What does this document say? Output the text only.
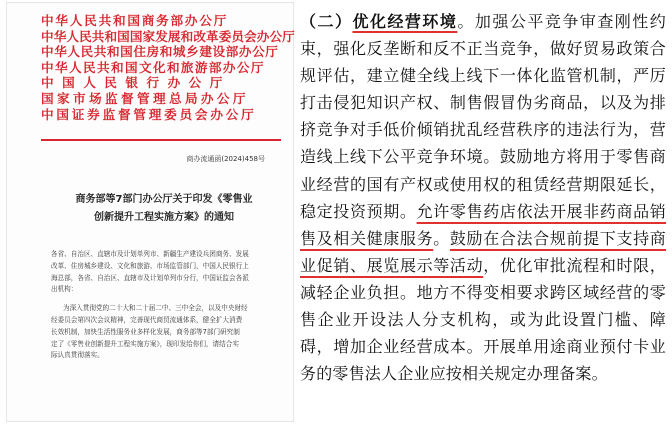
中华人民共和国商务部办公厅
中华人民共和国国家发展和改革委员会办公厅
中华人民共和国住房和城乡建设部办公厅
中华人民共和国文化和旅游部办公厅
中国人民银行办公厅
国家市场监督管理总局办公厅
中国证券监督管理委员会办公厅
商办流通函(2024)458号
商务部等7部门办公厅关于印发《零售业
创新提升工程实施方案》的通知

各省、自治区、直辖市及计划单列市、新疆生产建设兵团商务、发展

改革、住房城乡建设、文化和旅游、市场监管部门，中国人民银行上

海总部，各省、自治区、直辖市及计划单列市分行，中国证监会各派

出机构：

为深入贯彻党的二十大和二十届二中、三中全会，以及中央财经

经委员会第四次会议精神，完善现代商贸流通体系，健全扩大消费

长效机制，加快生活性服务业多样化发展，商务部等7部门研究制

定了《零售业创新提升工程实施方案》，现印发给你们，请结合实

际认真贯彻落实。

（二）优化经营环境。加强公平竞争审查刚性约束，强化反垄断和反不正当竞争，做好贸易政策合规评估，建立健全线上线下一体化监管机制，严厉打击侵犯知识产权、制售假冒伪劣商品，以及为排挤竞争对手低价倾销扰乱经营秩序的违法行为，营造线上线下公平竞争环境。鼓励地方将用于零售商业经营的国有产权或使用权的租赁经营期限延长，稳定投资预期。允许零售药店依法开展非药商品销售及相关健康服务。鼓励在合法合规前提下支持商业促销、展览展示等活动，优化审批流程和时限，减轻企业负担。地方不得变相要求跨区域经营的零售企业开设法人分支机构，或为此设置门槛、障碍，增加企业经营成本。开展单用途商业预付卡业务的零售法人企业应按相关规定办理备案。
